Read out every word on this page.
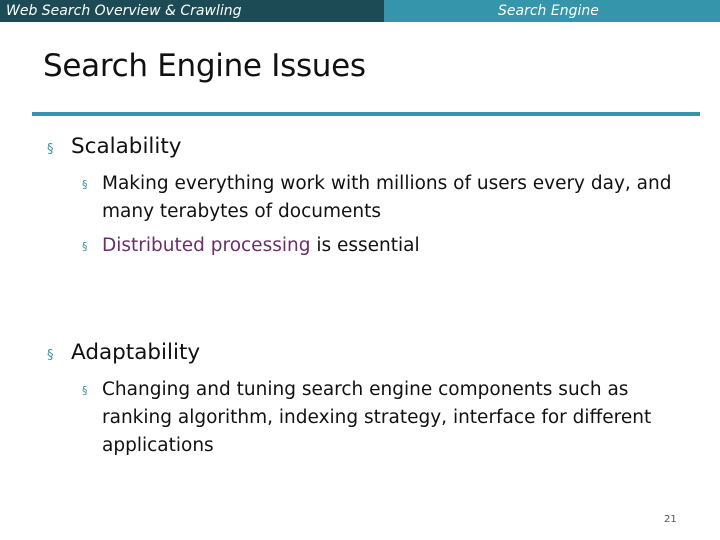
Web Search Overview & Crawling	Search Engine
Search Engine Issues
§ Scalability
§ Making everything work with millions of users every day, and many terabytes of documents
§ Distributed processing is essential
§ Adaptability
§ Changing and tuning search engine components such as ranking algorithm, indexing strategy, interface for different applications
21
